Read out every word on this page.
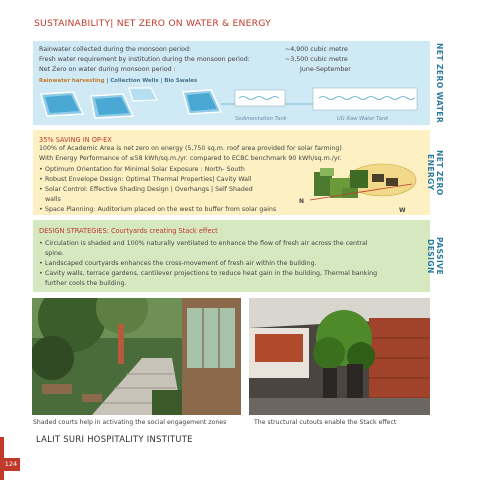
SUSTAINABILITY| NET ZERO ON WATER & ENERGY
NET ZERO WATER
Rainwater collected during the monsoon period:	~4,900 cubic metre
Fresh water requirement by institution during the monsoon period:	~3,500 cubic metre
Net Zero on water during monsoon period :	June-September
Rainwater harvesting | Collection Wells | Bio Swales
Sedimentation Tank	UG Raw Water Tank
NET ZERO ENERGY
35% SAVING IN OP-EX
100% of Academic Area is net zero on energy (5,750 sq.m. roof area provided for solar farming)
With Energy Performance of ≤58 kWh/sq.m./yr. compared to ECBC benchmark 90 kWh/sq.m./yr.
• Optimum Orientation for Minimal Solar Exposure : North- South
• Robust Envelope Design: Optimal Thermal Properties| Cavity Wall
• Solar Control: Effective Shading Design | Overhangs | Self Shaded
walls
• Space Planning: Auditorium placed on the west to buffer from solar gains
N
W
PASSIVE DESIGN
DESIGN STRATEGIES: Courtyards creating Stack effect
• Circulation is shaded and 100% naturally ventilated to enhance the flow of fresh air across the central
spine.
• Landscaped courtyards enhances the cross-movement of fresh air within the building.
• Cavity walls, terrace gardens, cantilever projections to reduce heat gain in the building, Thermal banking
further cools the building.
Shaded courts help in activating the social engagement zones	The structural cutouts enable the Stack effect
LALIT SURI HOSPITALITY INSTITUTE
124
